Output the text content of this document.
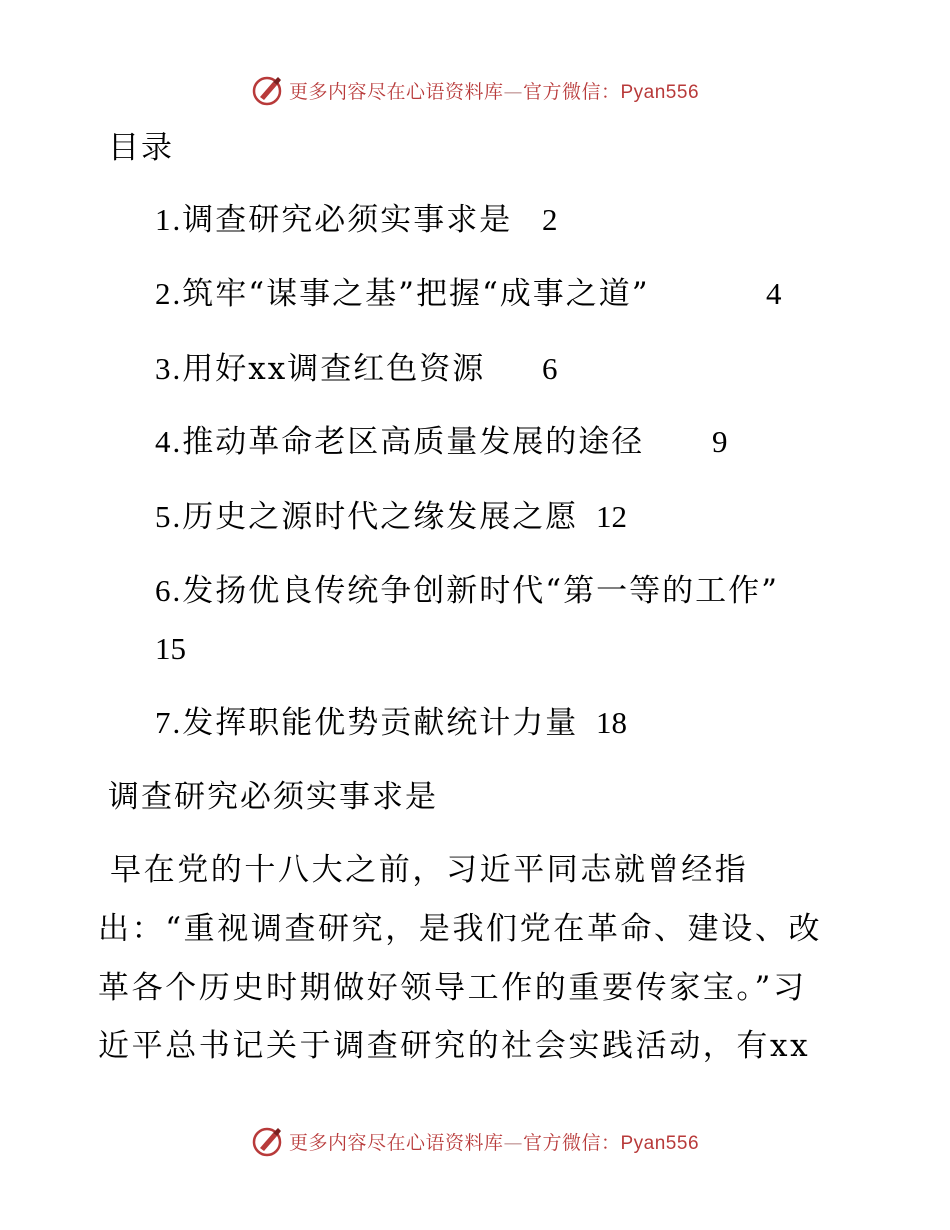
更多内容尽在心语资料库—官方微信：Pyan556
目录
1.调查研究必须实事求是 2
2.筑牢“谋事之基”把握“成事之道”	4
3.用好xx调查红色资源 6
4.推动革命老区高质量发展的途径 9
5.历史之源时代之缘发展之愿 12
6.发扬优良传统争创新时代“第一等的工作”
15
7.发挥职能优势贡献统计力量 18
调查研究必须实事求是
早在党的十八大之前，习近平同志就曾经指
出：“重视调查研究，是我们党在革命、建设、改
革各个历史时期做好领导工作的重要传家宝。”习
近平总书记关于调查研究的社会实践活动，有xx
更多内容尽在心语资料库—官方微信：Pyan556
